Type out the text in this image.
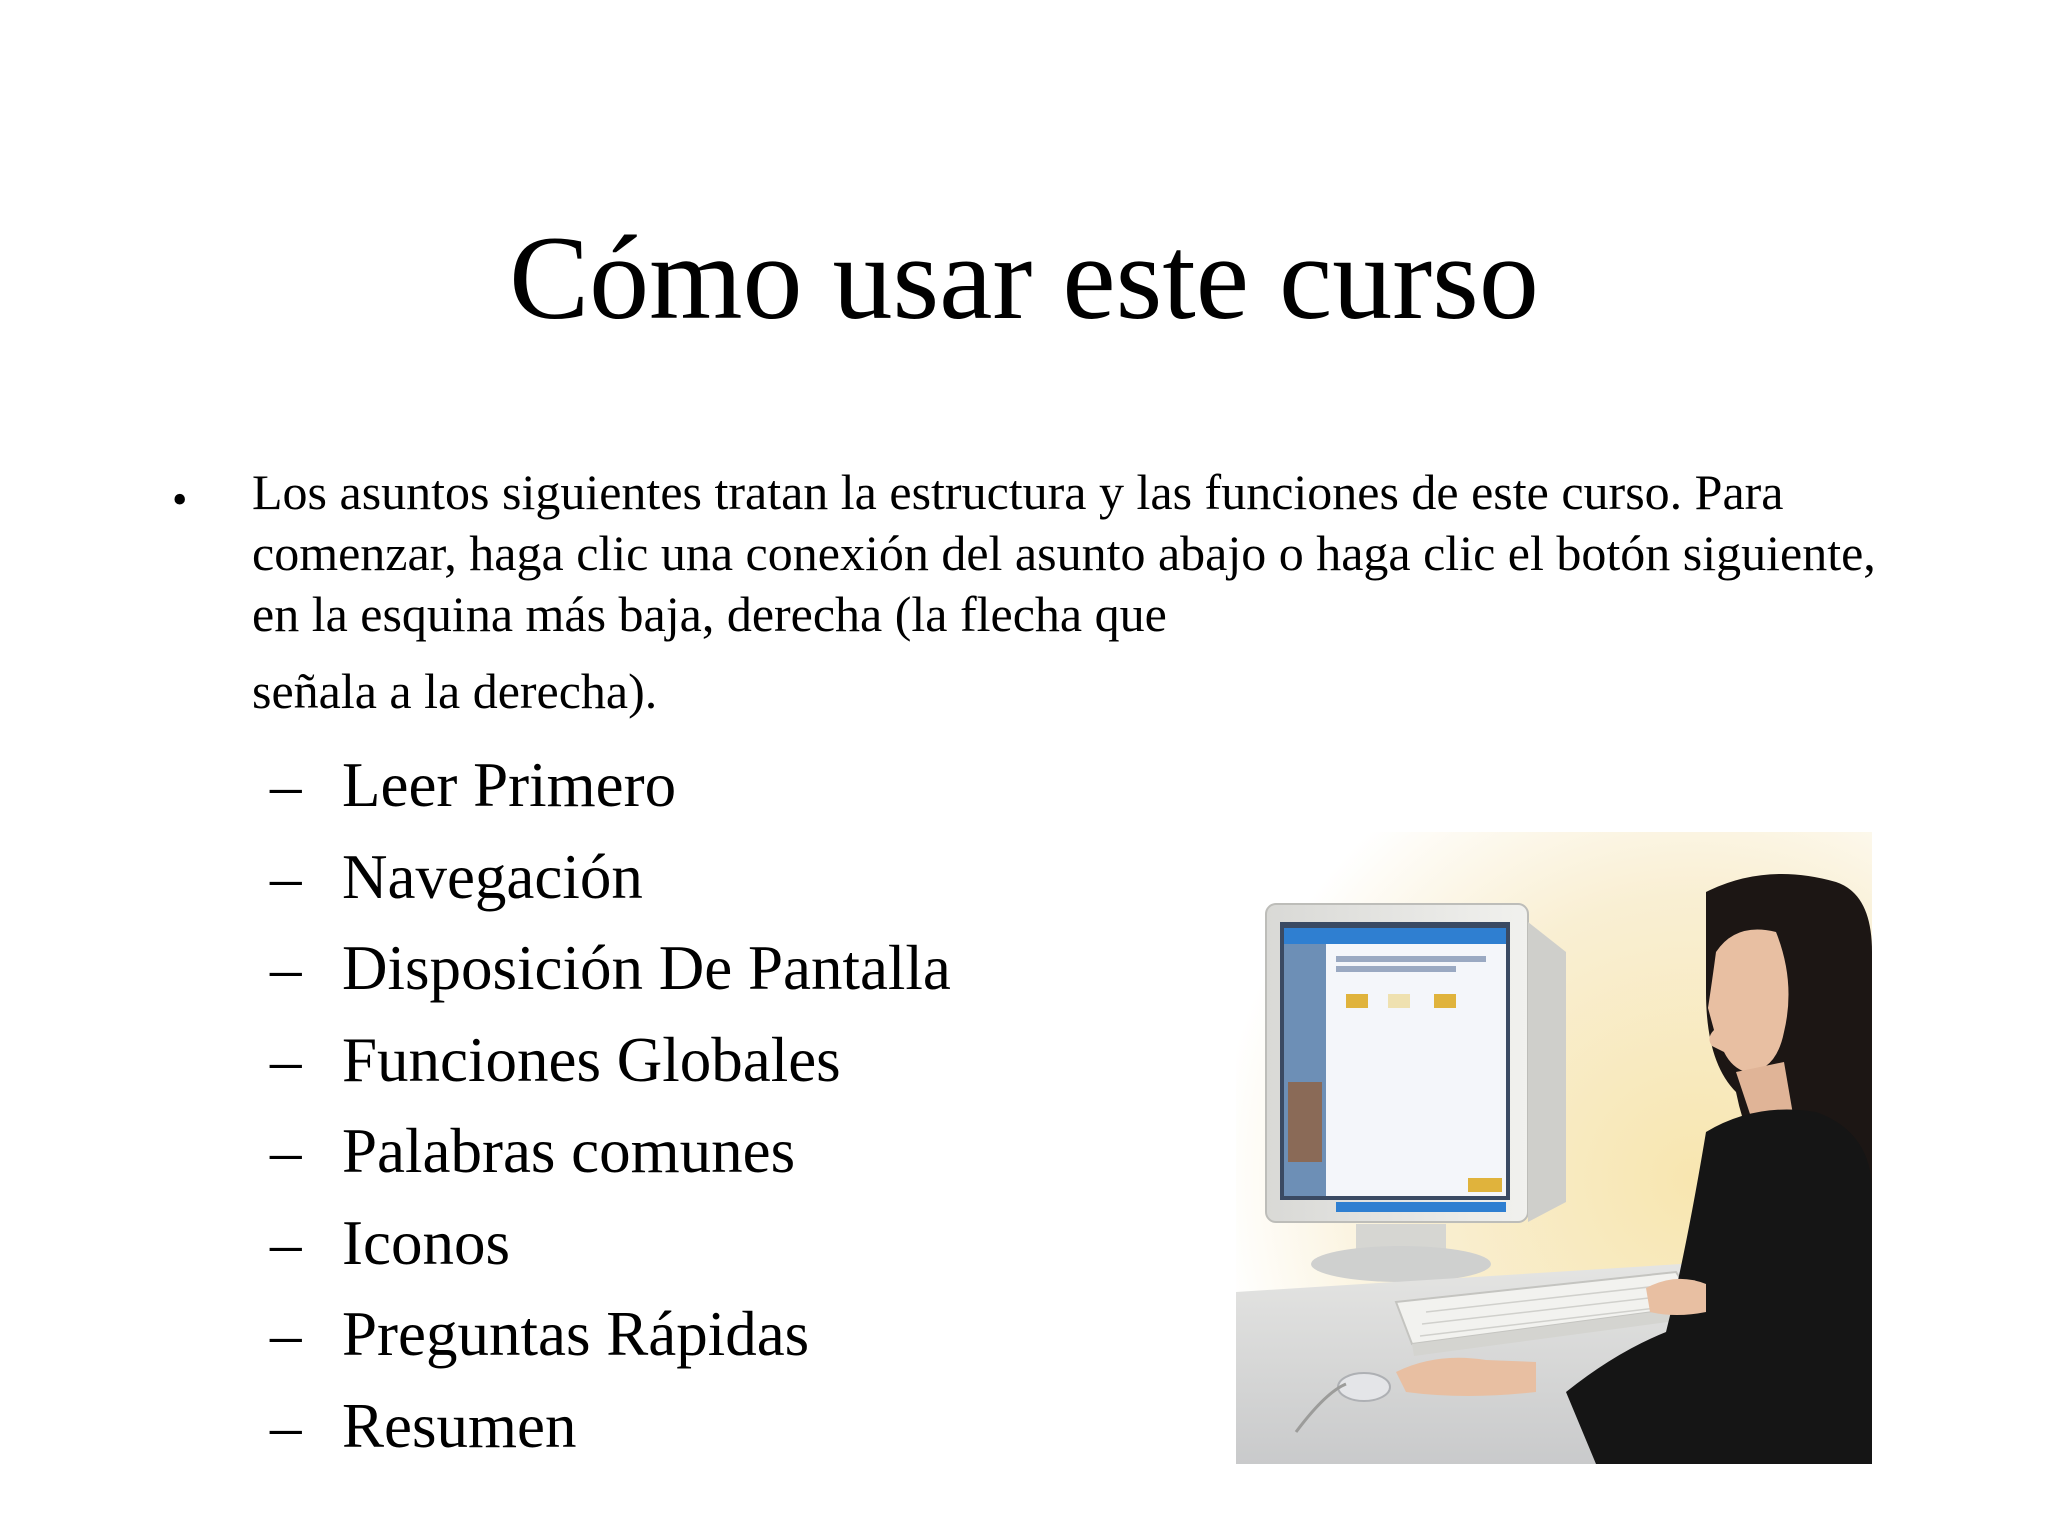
Cómo usar este curso
• Los asuntos siguientes tratan la estructura y las funciones de este curso. Para comenzar, haga clic una conexión del asunto abajo o haga clic el botón siguiente, en la esquina más baja, derecha (la flecha que
señala a la derecha).
– Leer Primero
– Navegación
– Disposición De Pantalla
– Funciones Globales
– Palabras comunes
– Iconos
– Preguntas Rápidas
– Resumen
